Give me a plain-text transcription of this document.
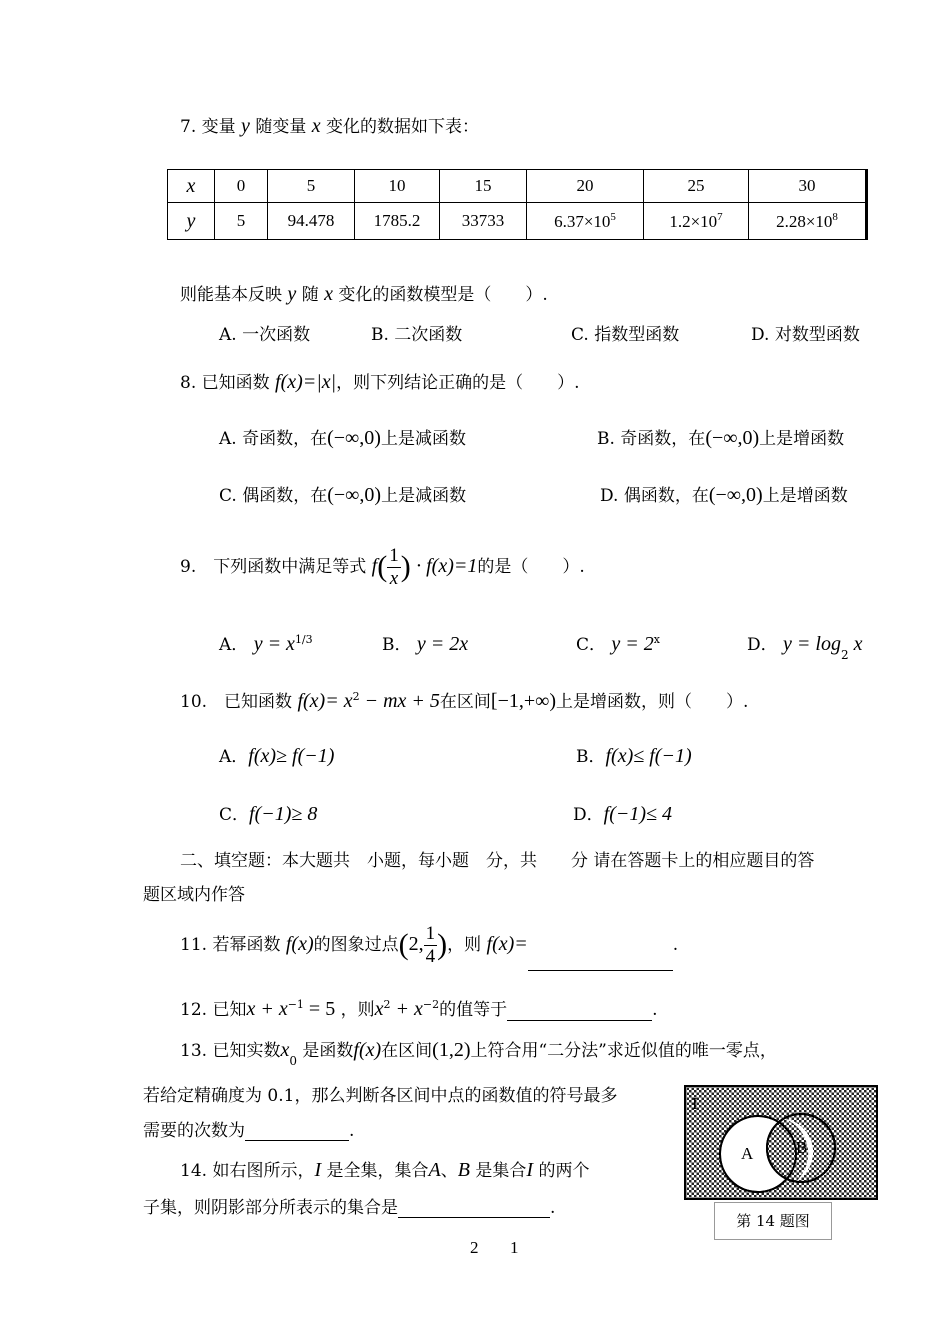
7. 变量 y 随变量 x 变化的数据如下表：
x	0	5	10	15	20	25	30
y	5	94.478	1785.2	33733	$6.37\times 10^5$	$1.2\times 10^7$	$2.28\times 10^8$
则能基本反映 y 随 x 变化的函数模型是（　　）.
A. 一次函数	B. 二次函数	C. 指数型函数	D. 对数型函数
8. 已知函数 f(x)=|x|，则下列结论正确的是（　　）.
A. 奇函数，在(−∞,0)上是减函数	B. 奇函数，在(−∞,0)上是增函数
C. 偶函数，在(−∞,0)上是减函数	D. 偶函数，在(−∞,0)上是增函数
9.　下列函数中满足等式 $f( \frac{1}{x}$ ) · f(x)=1的是（　　）.
A． $y = x^{1/3}$	B． y = 2x	C． $y = 2^x$	D． $y = \log_2 x$
10.　已知函数 $f(x)= x^2$ − mx + 5在区间[−1,+∞)上是增函数，则（　　）.
A．f(x)≥ f(−1)	B．f(x)≤ f(−1)
C．f(−1)≥ 8	D．f(−1)≤ 4
二、填空题：本大题共　小题，每小题　分，共　　分 请在答题卡上的相应题目的答
题区域内作答
11. 若幂函数 f(x)的图象过点(2, $\frac{1}{4}$ )，则 f(x)=	.
12. 已知$x + x^{-1} = 5$ ，则$x^2 + x^{-2}$的值等于	.
13. 已知实数$x_0$ 是函数f(x)在区间(1,2)上符合用“二分法”求近似值的唯一零点，
若给定精确度为 0.1，那么判断各区间中点的函数值的符号最多
需要的次数为	.
14. 如右图所示，I 是全集，集合A、B 是集合I 的两个
子集，则阴影部分所表示的集合是	.
I
A	B
第 14 题图
2 1
